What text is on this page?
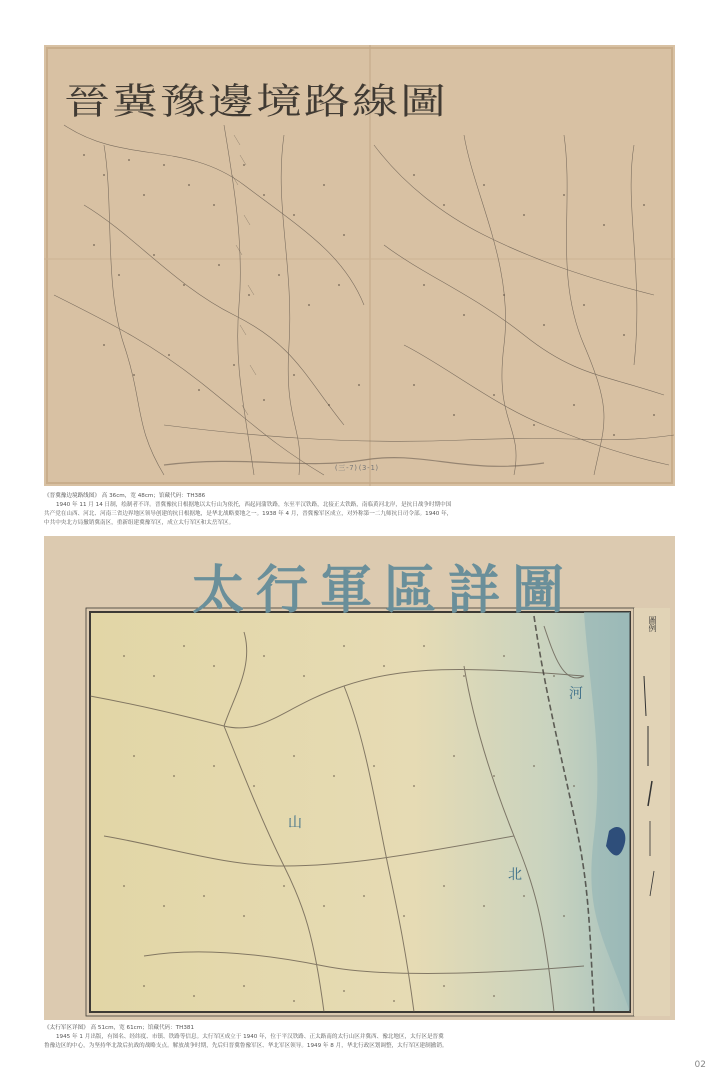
晉冀豫邊境路線圖
(三-7)(3-1)
《晋冀豫边境路线图》 高 36cm，宽 48cm；馆藏代码：TH386
1940 年 11 月 14 日制，绘制者不详。晋冀豫抗日根据地以太行山为依托，西起同蒲铁路，东至平汉铁路，北接正太铁路，南临黄河北岸，是抗日战争时期中国
共产党在山西、河北、河南三省边界地区领导创建的抗日根据地，是华北战略要地之一。1938 年 4 月，晋冀豫军区成立，对外称第一二九师抗日司令部。1940 年，
中共中央北方局撤销冀南区，重新组建冀豫军区，成立太行军区和太岳军区。
太行軍區詳圖
河
山
北
圖例
《太行军区详图》 高 51cm，宽 61cm；馆藏代码：TH381
1945 年 1 月出版，有图名、经纬度、市镇、铁路等信息。太行军区成立于 1940 年，位于平汉铁路、正太路南的太行山区并冀西、豫北地区，太行区是晋冀
鲁豫边区的中心，为坚持华北敌后抗战的战略支点。解放战争时期，先后归晋冀鲁豫军区、华北军区领导。1949 年 8 月，华北行政区划调整，太行军区建制撤销。
02
